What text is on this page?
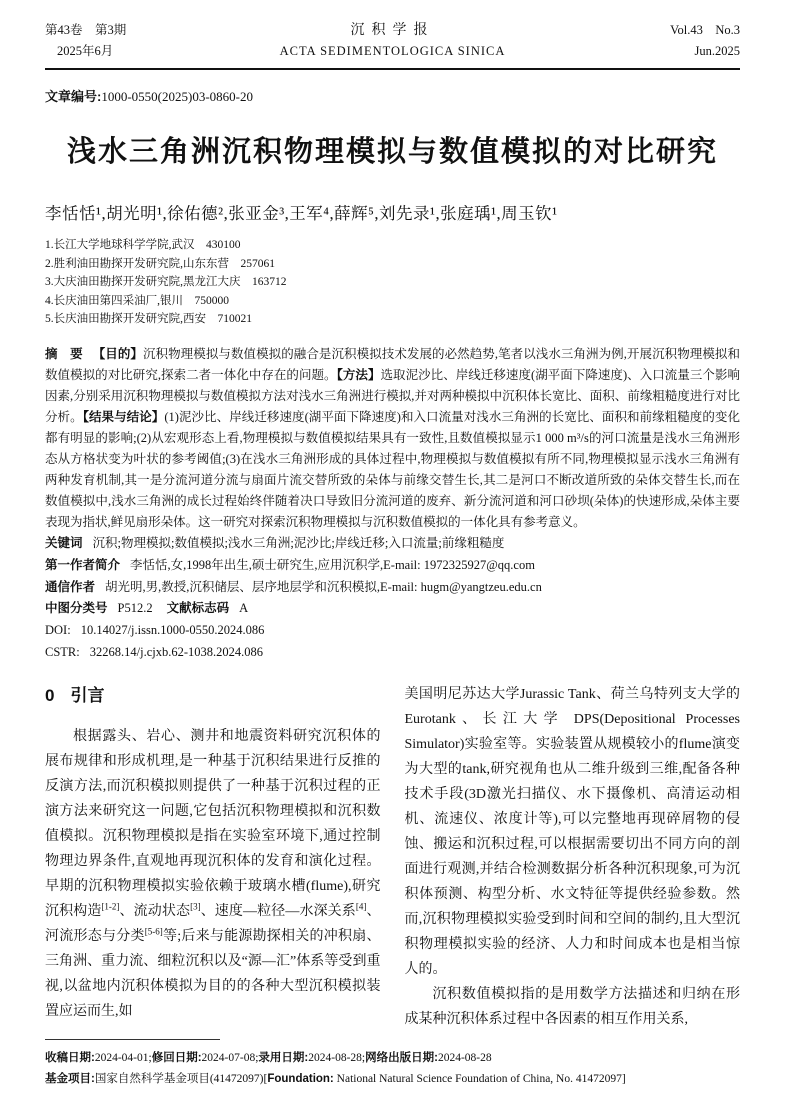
第43卷　第3期	沉积学报	Vol.43　No.3
2025年6月	ACTA SEDIMENTOLOGICA SINICA	Jun.2025

文章编号:1000-0550(2025)03-0860-20

浅水三角洲沉积物理模拟与数值模拟的对比研究

李恬恬¹,胡光明¹,徐佑德²,张亚金³,王军⁴,薛辉⁵,刘先录¹,张庭瑀¹,周玉钦¹

1.长江大学地球科学学院,武汉　430100
2.胜利油田勘探开发研究院,山东东营　257061
3.大庆油田勘探开发研究院,黑龙江大庆　163712
4.长庆油田第四采油厂,银川　750000
5.长庆油田勘探开发研究院,西安　710021

摘　要 【目的】沉积物理模拟与数值模拟的融合是沉积模拟技术发展的必然趋势,笔者以浅水三角洲为例,开展沉积物理模拟和数值模拟的对比研究,探索二者一体化中存在的问题。【方法】选取泥沙比、岸线迁移速度(湖平面下降速度)、入口流量三个影响因素,分别采用沉积物理模拟与数值模拟方法对浅水三角洲进行模拟,并对两种模拟中沉积体长宽比、面积、前缘粗糙度进行对比分析。【结果与结论】(1)泥沙比、岸线迁移速度(湖平面下降速度)和入口流量对浅水三角洲的长宽比、面积和前缘粗糙度的变化都有明显的影响;(2)从宏观形态上看,物理模拟与数值模拟结果具有一致性,且数值模拟显示1 000 m³/s的河口流量是浅水三角洲形态从方格状变为叶状的参考阈值;(3)在浅水三角洲形成的具体过程中,物理模拟与数值模拟有所不同,物理模拟显示浅水三角洲有两种发育机制,其一是分流河道分流与扇面片流交替所致的朵体与前缘交替生长,其二是河口不断改道所致的朵体交替生长,而在数值模拟中,浅水三角洲的成长过程始终伴随着决口导致旧分流河道的废弃、新分流河道和河口砂坝(朵体)的快速形成,朵体主要表现为指状,鲜见扇形朵体。这一研究对探索沉积物理模拟与沉积数值模拟的一体化具有参考意义。

关键词 沉积;物理模拟;数值模拟;浅水三角洲;泥沙比;岸线迁移;入口流量;前缘粗糙度

第一作者简介 李恬恬,女,1998年出生,硕士研究生,应用沉积学,E-mail: 1972325927@qq.com

通信作者 胡光明,男,教授,沉积储层、层序地层学和沉积模拟,E-mail: hugm@yangtzeu.edu.cn

中图分类号 P512.2 文献标志码 A

DOI: 10.14027/j.issn.1000-0550.2024.086

CSTR: 32268.14/j.cjxb.62-1038.2024.086

0 引言

根据露头、岩心、测井和地震资料研究沉积体的展布规律和形成机理,是一种基于沉积结果进行反推的反演方法,而沉积模拟则提供了一种基于沉积过程的正演方法来研究这一问题,它包括沉积物理模拟和沉积数值模拟。沉积物理模拟是指在实验室环境下,通过控制物理边界条件,直观地再现沉积体的发育和演化过程。早期的沉积物理模拟实验依赖于玻璃水槽(flume),研究沉积构造[1-2]、流动状态[3]、速度—粒径—水深关系[4]、河流形态与分类[5-6]等;后来与能源勘探相关的冲积扇、三角洲、重力流、细粒沉积以及“源—汇”体系等受到重视,以盆地内沉积体模拟为目的的各种大型沉积模拟装置应运而生,如

美国明尼苏达大学Jurassic Tank、荷兰乌特列支大学的 Eurotank、长江大学 DPS(Depositional Processes Simulator)实验室等。实验装置从规模较小的flume演变为大型的tank,研究视角也从二维升级到三维,配备各种技术手段(3D激光扫描仪、水下摄像机、高清运动相机、流速仪、浓度计等),可以完整地再现碎屑物的侵蚀、搬运和沉积过程,可以根据需要切出不同方向的剖面进行观测,并结合检测数据分析各种沉积现象,可为沉积体预测、构型分析、水文特征等提供经验参数。然而,沉积物理模拟实验受到时间和空间的制约,且大型沉积物理模拟实验的经济、人力和时间成本也是相当惊人的。

沉积数值模拟指的是用数学方法描述和归纳在形成某种沉积体系过程中各因素的相互作用关系,

收稿日期:2024-04-01;修回日期:2024-07-08;录用日期:2024-08-28;网络出版日期:2024-08-28

基金项目:国家自然科学基金项目(41472097)[Foundation: National Natural Science Foundation of China, No. 41472097]
